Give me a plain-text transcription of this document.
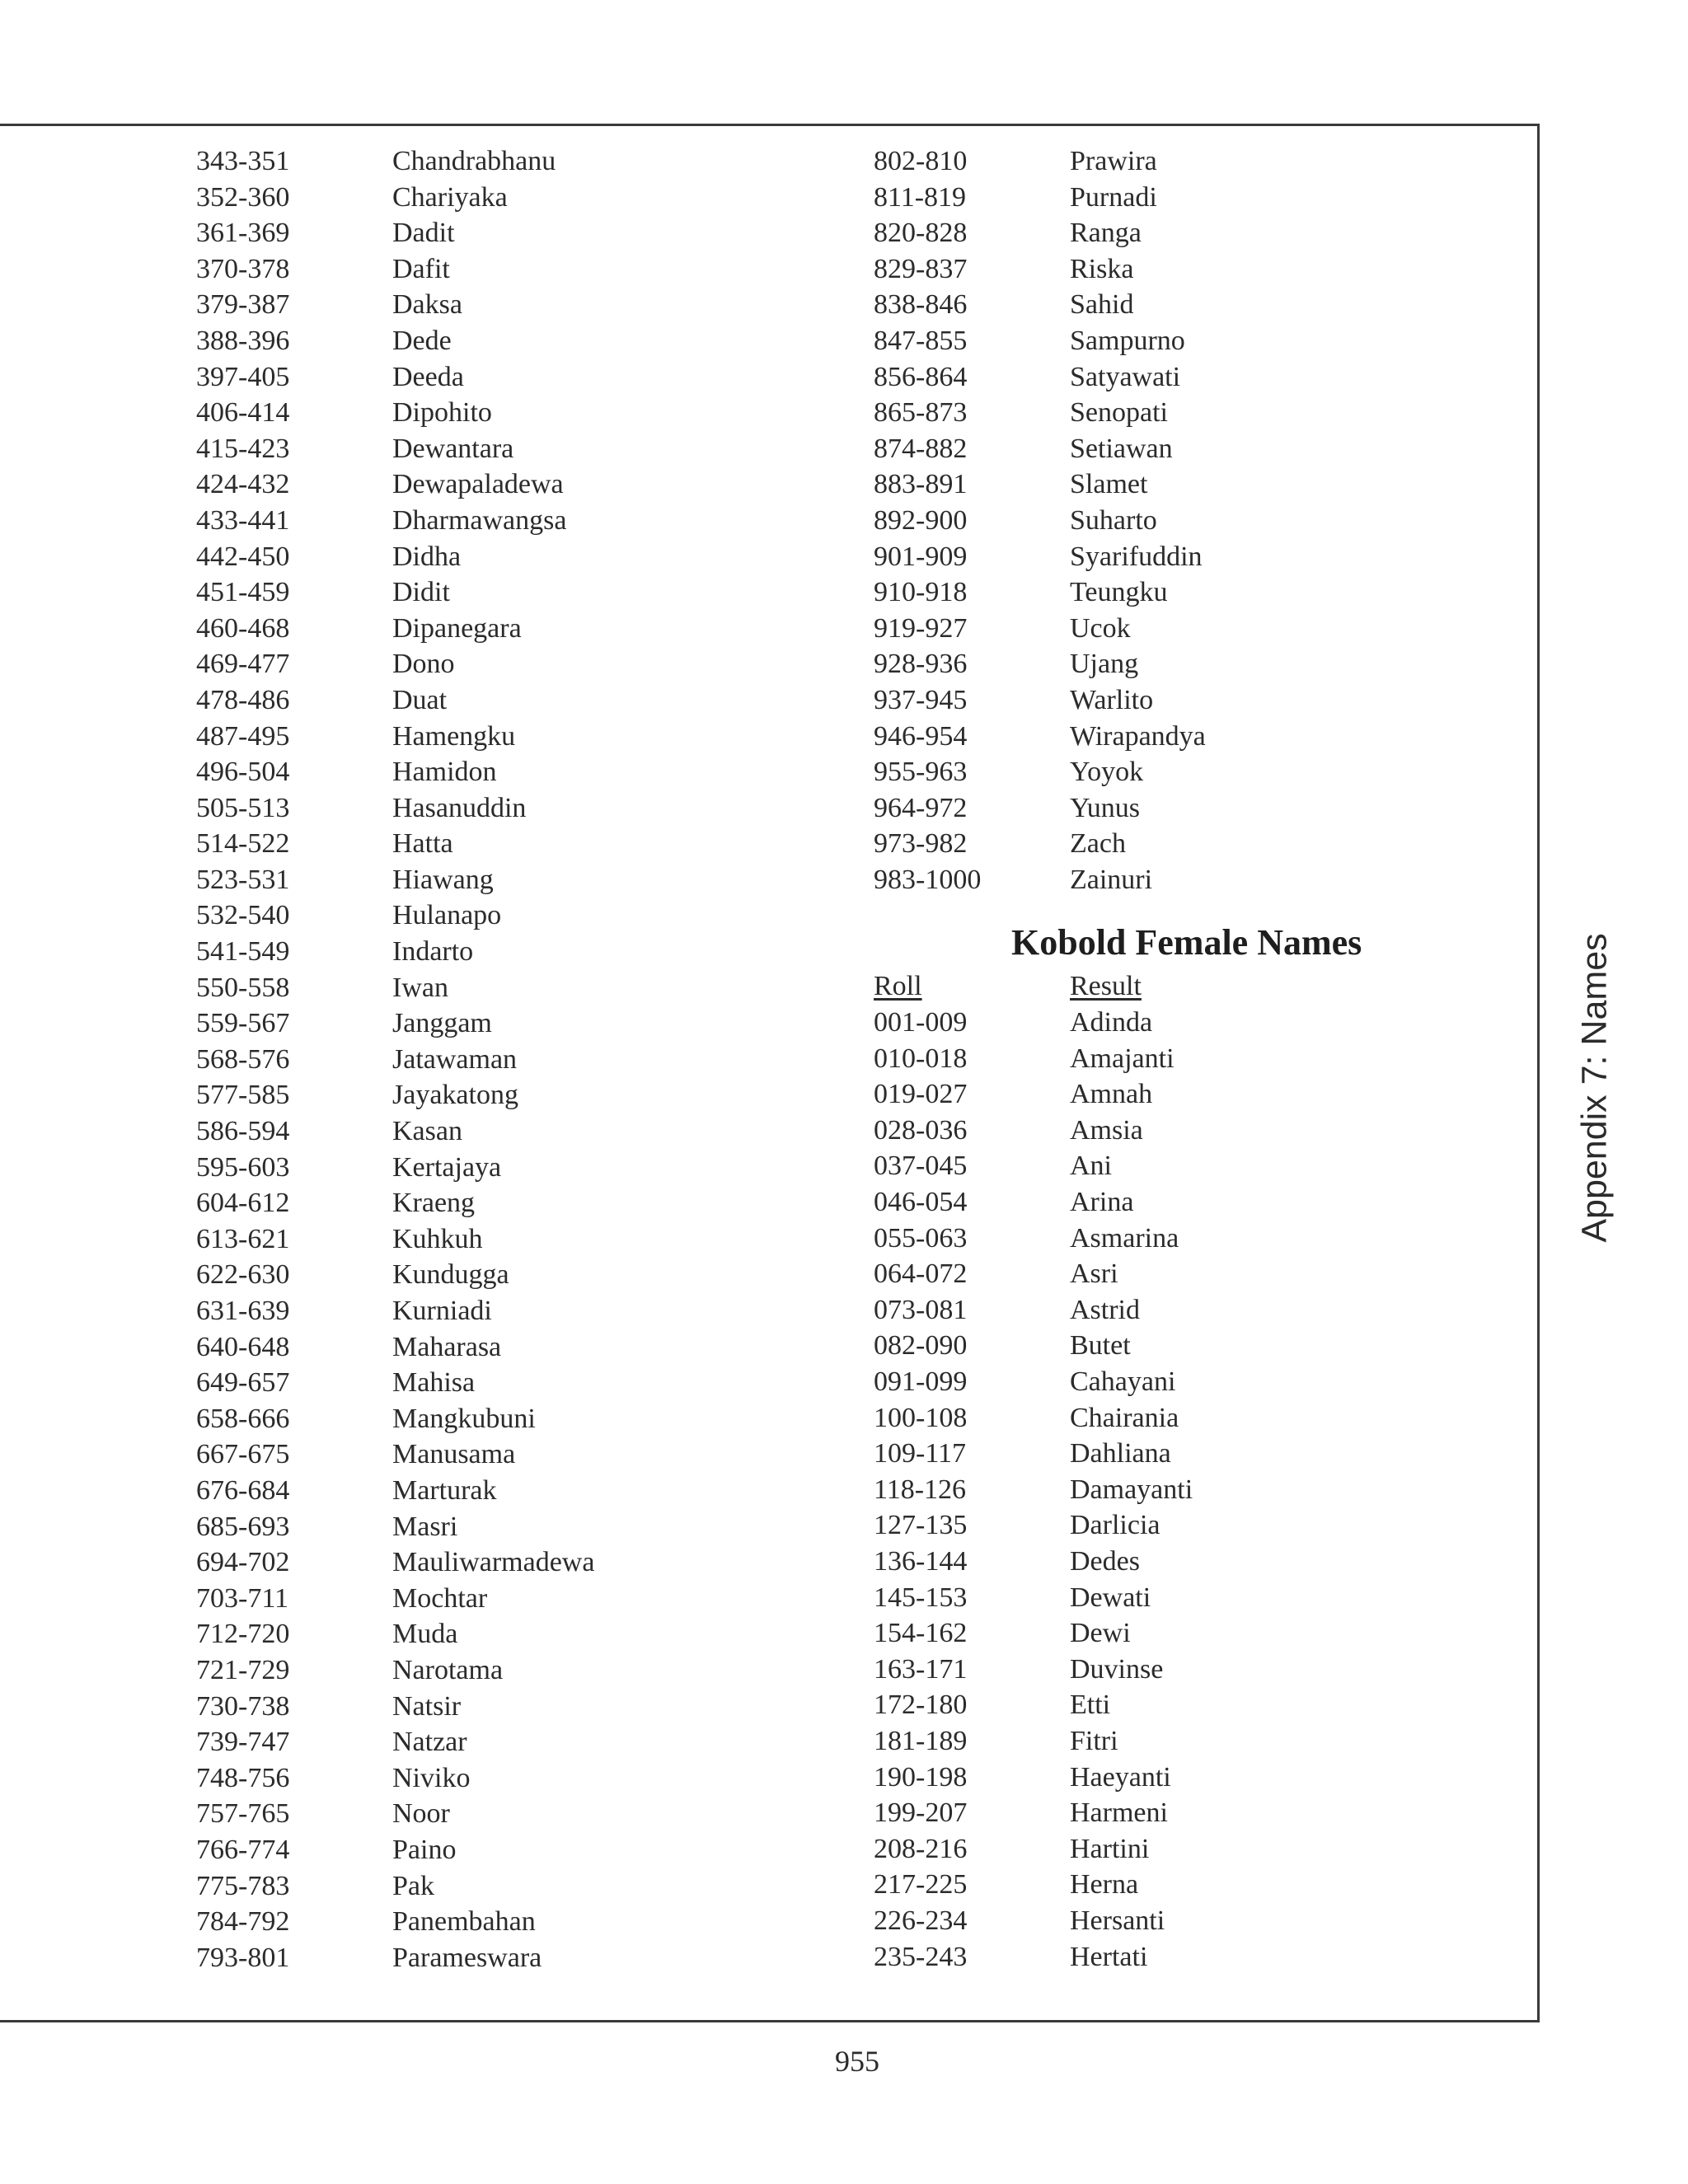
343-351	Chandrabhanu
352-360	Chariyaka
361-369	Dadit
370-378	Dafit
379-387	Daksa
388-396	Dede
397-405	Deeda
406-414	Dipohito
415-423	Dewantara
424-432	Dewapaladewa
433-441	Dharmawangsa
442-450	Didha
451-459	Didit
460-468	Dipanegara
469-477	Dono
478-486	Duat
487-495	Hamengku
496-504	Hamidon
505-513	Hasanuddin
514-522	Hatta
523-531	Hiawang
532-540	Hulanapo
541-549	Indarto
550-558	Iwan
559-567	Janggam
568-576	Jatawaman
577-585	Jayakatong
586-594	Kasan
595-603	Kertajaya
604-612	Kraeng
613-621	Kuhkuh
622-630	Kundugga
631-639	Kurniadi
640-648	Maharasa
649-657	Mahisa
658-666	Mangkubuni
667-675	Manusama
676-684	Marturak
685-693	Masri
694-702	Mauliwarmadewa
703-711	Mochtar
712-720	Muda
721-729	Narotama
730-738	Natsir
739-747	Natzar
748-756	Niviko
757-765	Noor
766-774	Paino
775-783	Pak
784-792	Panembahan
793-801	Parameswara
802-810	Prawira
811-819	Purnadi
820-828	Ranga
829-837	Riska
838-846	Sahid
847-855	Sampurno
856-864	Satyawati
865-873	Senopati
874-882	Setiawan
883-891	Slamet
892-900	Suharto
901-909	Syarifuddin
910-918	Teungku
919-927	Ucok
928-936	Ujang
937-945	Warlito
946-954	Wirapandya
955-963	Yoyok
964-972	Yunus
973-982	Zach
983-1000	Zainuri
Kobold Female Names
Roll	Result
001-009	Adinda
010-018	Amajanti
019-027	Amnah
028-036	Amsia
037-045	Ani
046-054	Arina
055-063	Asmarina
064-072	Asri
073-081	Astrid
082-090	Butet
091-099	Cahayani
100-108	Chairania
109-117	Dahliana
118-126	Damayanti
127-135	Darlicia
136-144	Dedes
145-153	Dewati
154-162	Dewi
163-171	Duvinse
172-180	Etti
181-189	Fitri
190-198	Haeyanti
199-207	Harmeni
208-216	Hartini
217-225	Herna
226-234	Hersanti
235-243	Hertati
Appendix 7: Names
955
